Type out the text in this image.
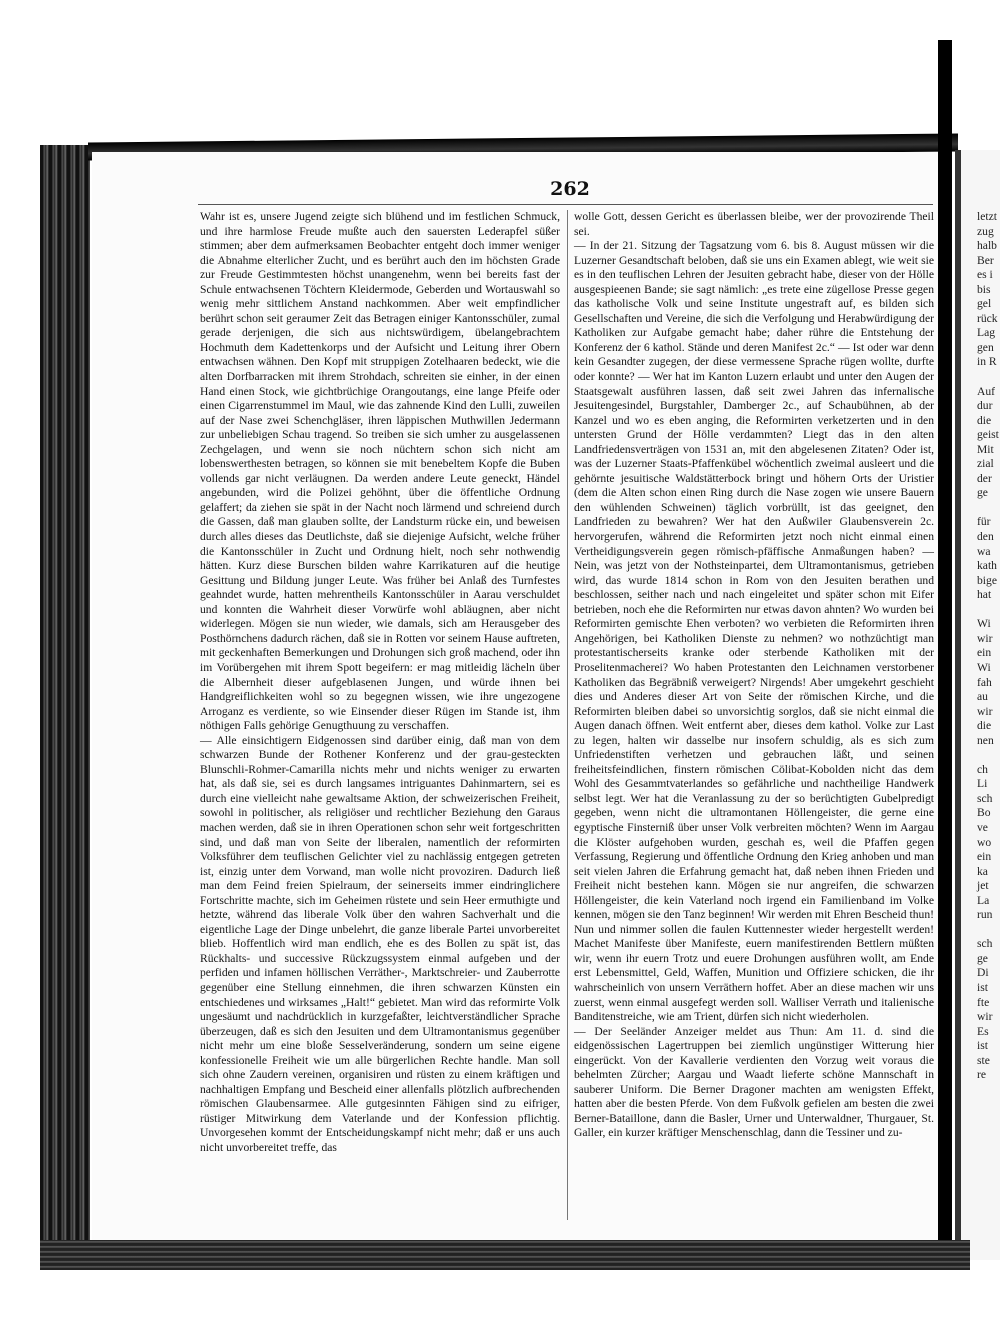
letzt
zug
halb
Ber
es i
bis
gel
rück
Lag
gen
in R

Auf
dur
die
geist
Mit
zial
der
ge

für
den
wa
kath
bige
hat

Wi
wir
ein
Wi
fah
au
wir
die
nen

ch
Li
sch
Bo
ve
wo
ein
ka
jet
La
run

sch
ge
Di
ist
fte
wir
Es
ist
ste
re
262

Wahr ist es, unsere Jugend zeigte sich blühend und im festlichen Schmuck, und ihre harmlose Freude mußte auch den sauersten Lederapfel süßer stimmen; aber dem aufmerksamen Beobachter entgeht doch immer weniger die Abnahme elterlicher Zucht, und es berührt auch den im höchsten Grade zur Freude Gestimmtesten höchst unangenehm, wenn bei bereits fast der Schule entwachsenen Töchtern Kleidermode, Geberden und Wortauswahl so wenig mehr sittlichem Anstand nachkommen. Aber weit empfindlicher berührt schon seit geraumer Zeit das Betragen einiger Kantonsschüler, zumal gerade derjenigen, die sich aus nichtswürdigem, übelangebrachtem Hochmuth dem Kadettenkorps und der Aufsicht und Leitung ihrer Obern entwachsen wähnen. Den Kopf mit struppigen Zotelhaaren bedeckt, wie die alten Dorfbarracken mit ihrem Strohdach, schreiten sie einher, in der einen Hand einen Stock, wie gichtbrüchige Orangoutangs, eine lange Pfeife oder einen Cigarrenstummel im Maul, wie das zahnende Kind den Lulli, zuweilen auf der Nase zwei Schenchgläser, ihren läppischen Muthwillen Jedermann zur unbeliebigen Schau tragend. So treiben sie sich umher zu ausgelassenen Zechgelagen, und wenn sie noch nüchtern schon sich nicht am lobenswerthesten betragen, so können sie mit benebeltem Kopfe die Buben vollends gar nicht verläugnen. Da werden andere Leute geneckt, Händel angebunden, wird die Polizei gehöhnt, über die öffentliche Ordnung gelaffert; da ziehen sie spät in der Nacht noch lärmend und schreiend durch die Gassen, daß man glauben sollte, der Landsturm rücke ein, und beweisen durch alles dieses das Deutlichste, daß sie diejenige Aufsicht, welche früher die Kantonsschüler in Zucht und Ordnung hielt, noch sehr nothwendig hätten. Kurz diese Burschen bilden wahre Karrikaturen auf die heutige Gesittung und Bildung junger Leute. Was früher bei Anlaß des Turnfestes geahndet wurde, hatten mehrentheils Kantonsschüler in Aarau verschuldet und konnten die Wahrheit dieser Vorwürfe wohl abläugnen, aber nicht widerlegen. Mögen sie nun wieder, wie damals, sich am Herausgeber des Posthörnchens dadurch rächen, daß sie in Rotten vor seinem Hause auftreten, mit geckenhaften Bemerkungen und Drohungen sich groß machend, oder ihn im Vorübergehen mit ihrem Spott begeifern: er mag mitleidig lächeln über die Albernheit dieser aufgeblasenen Jungen, und würde ihnen bei Handgreiflichkeiten wohl so zu begegnen wissen, wie ihre ungezogene Arroganz es verdiente, so wie Einsender dieser Rügen im Stande ist, ihm nöthigen Falls gehörige Genugthuung zu verschaffen.

— Alle einsichtigern Eidgenossen sind darüber einig, daß man von dem schwarzen Bunde der Rothener Konferenz und der grau-gesteckten Blunschli-Rohmer-Camarilla nichts mehr und nichts weniger zu erwarten hat, als daß sie, sei es durch langsames intriguantes Dahinmartern, sei es durch eine vielleicht nahe gewaltsame Aktion, der schweizerischen Freiheit, sowohl in politischer, als religiöser und rechtlicher Beziehung den Garaus machen werden, daß sie in ihren Operationen schon sehr weit fortgeschritten sind, und daß man von Seite der liberalen, namentlich der reformirten Volksführer dem teuflischen Gelichter viel zu nachlässig entgegen getreten ist, einzig unter dem Vorwand, man wolle nicht provoziren. Dadurch ließ man dem Feind freien Spielraum, der seinerseits immer eindringlichere Fortschritte machte, sich im Geheimen rüstete und sein Heer ermuthigte und hetzte, während das liberale Volk über den wahren Sachverhalt und die eigentliche Lage der Dinge unbelehrt, die ganze liberale Partei unvorbereitet blieb. Hoffentlich wird man endlich, ehe es des Bollen zu spät ist, das Rückhalts- und successive Rückzugssystem einmal aufgeben und der perfiden und infamen höllischen Verräther-, Marktschreier- und Zauberrotte gegenüber eine Stellung einnehmen, die ihren schwarzen Künsten ein entschiedenes und wirksames „Halt!“ gebietet. Man wird das reformirte Volk ungesäumt und nachdrücklich in kurzgefaßter, leichtverständlicher Sprache überzeugen, daß es sich den Jesuiten und dem Ultramontanismus gegenüber nicht mehr um eine bloße Sesselveränderung, sondern um seine eigene konfessionelle Freiheit wie um alle bürgerlichen Rechte handle. Man soll sich ohne Zaudern vereinen, organisiren und rüsten zu einem kräftigen und nachhaltigen Empfang und Bescheid einer allenfalls plötzlich aufbrechenden römischen Glaubensarmee. Alle gutgesinnten Fähigen sind zu eifriger, rüstiger Mitwirkung dem Vaterlande und der Konfession pflichtig. Unvorgesehen kommt der Entscheidungskampf nicht mehr; daß er uns auch nicht unvorbereitet treffe, das

wolle Gott, dessen Gericht es überlassen bleibe, wer der provozirende Theil sei.

— In der 21. Sitzung der Tagsatzung vom 6. bis 8. August müssen wir die Luzerner Gesandtschaft beloben, daß sie uns ein Examen ablegt, wie weit sie es in den teuflischen Lehren der Jesuiten gebracht habe, dieser von der Hölle ausgespieenen Bande; sie sagt nämlich: „es trete eine zügellose Presse gegen das katholische Volk und seine Institute ungestraft auf, es bilden sich Gesellschaften und Vereine, die sich die Verfolgung und Herabwürdigung der Katholiken zur Aufgabe gemacht habe; daher rühre die Entstehung der Konferenz der 6 kathol. Stände und deren Manifest 2c.“ — Ist oder war denn kein Gesandter zugegen, der diese vermessene Sprache rügen wollte, durfte oder konnte? — Wer hat im Kanton Luzern erlaubt und unter den Augen der Staatsgewalt ausführen lassen, daß seit zwei Jahren das infernalische Jesuitengesindel, Burgstahler, Damberger 2c., auf Schaubühnen, ab der Kanzel und wo es eben anging, die Reformirten verketzerten und in den untersten Grund der Hölle verdammten? Liegt das in den alten Landfriedensverträgen von 1531 an, mit den abgelesenen Zitaten? Oder ist, was der Luzerner Staats-Pfaffenkübel wöchentlich zweimal ausleert und die gehörnte jesuitische Waldstätterbock bringt und höhern Orts der Uristier (dem die Alten schon einen Ring durch die Nase zogen wie unsere Bauern den wühlenden Schweinen) täglich vorbrüllt, ist das geeignet, den Landfrieden zu bewahren? Wer hat den Außwiler Glaubensverein 2c. hervorgerufen, während die Reformirten jetzt noch nicht einmal einen Vertheidigungsverein gegen römisch-pfäffische Anmaßungen haben? — Nein, was jetzt von der Nothsteinpartei, dem Ultramontanismus, getrieben wird, das wurde 1814 schon in Rom von den Jesuiten berathen und beschlossen, seither nach und nach eingeleitet und später schon mit Eifer betrieben, noch ehe die Reformirten nur etwas davon ahnten? Wo wurden bei Reformirten gemischte Ehen verboten? wo verbieten die Reformirten ihren Angehörigen, bei Katholiken Dienste zu nehmen? wo nothzüchtigt man protestantischerseits kranke oder sterbende Katholiken mit der Proselitenmacherei? Wo haben Protestanten den Leichnamen verstorbener Katholiken das Begräbniß verweigert? Nirgends! Aber umgekehrt geschieht dies und Anderes dieser Art von Seite der römischen Kirche, und die Reformirten bleiben dabei so unvorsichtig sorglos, daß sie nicht einmal die Augen danach öffnen. Weit entfernt aber, dieses dem kathol. Volke zur Last zu legen, halten wir dasselbe nur insofern schuldig, als es sich zum Unfriedenstiften verhetzen und gebrauchen läßt, und seinen freiheitsfeindlichen, finstern römischen Cölibat-Kobolden nicht das dem Wohl des Gesammtvaterlandes so gefährliche und nachtheilige Handwerk selbst legt. Wer hat die Veranlassung zu der so berüchtigten Gubelpredigt gegeben, wenn nicht die ultramontanen Höllengeister, die gerne eine egyptische Finsterniß über unser Volk verbreiten möchten? Wenn im Aargau die Klöster aufgehoben wurden, geschah es, weil die Pfaffen gegen Verfassung, Regierung und öffentliche Ordnung den Krieg anhoben und man seit vielen Jahren die Erfahrung gemacht hat, daß neben ihnen Frieden und Freiheit nicht bestehen kann. Mögen sie nur angreifen, die schwarzen Höllengeister, die kein Vaterland noch irgend ein Familienband im Volke kennen, mögen sie den Tanz beginnen! Wir werden mit Ehren Bescheid thun! Nun und nimmer sollen die faulen Kuttennester wieder hergestellt werden! Machet Manifeste über Manifeste, euern manifestirenden Bettlern müßten wir, wenn ihr euern Trotz und euere Drohungen ausführen wollt, am Ende erst Lebensmittel, Geld, Waffen, Munition und Offiziere schicken, die ihr wahrscheinlich von unsern Verräthern hoffet. Aber an diese machen wir uns zuerst, wenn einmal ausgefegt werden soll. Walliser Verrath und italienische Banditenstreiche, wie am Trient, dürfen sich nicht wiederholen.

— Der Seeländer Anzeiger meldet aus Thun: Am 11. d. sind die eidgenössischen Lagertruppen bei ziemlich ungünstiger Witterung hier eingerückt. Von der Kavallerie verdienten den Vorzug weit voraus die behelmten Zürcher; Aargau und Waadt lieferte schöne Mannschaft in sauberer Uniform. Die Berner Dragoner machten am wenigsten Effekt, hatten aber die besten Pferde. Von dem Fußvolk gefielen am besten die zwei Berner-Bataillone, dann die Basler, Urner und Unterwaldner, Thurgauer, St. Galler, ein kurzer kräftiger Menschenschlag, dann die Tessiner und zu-
